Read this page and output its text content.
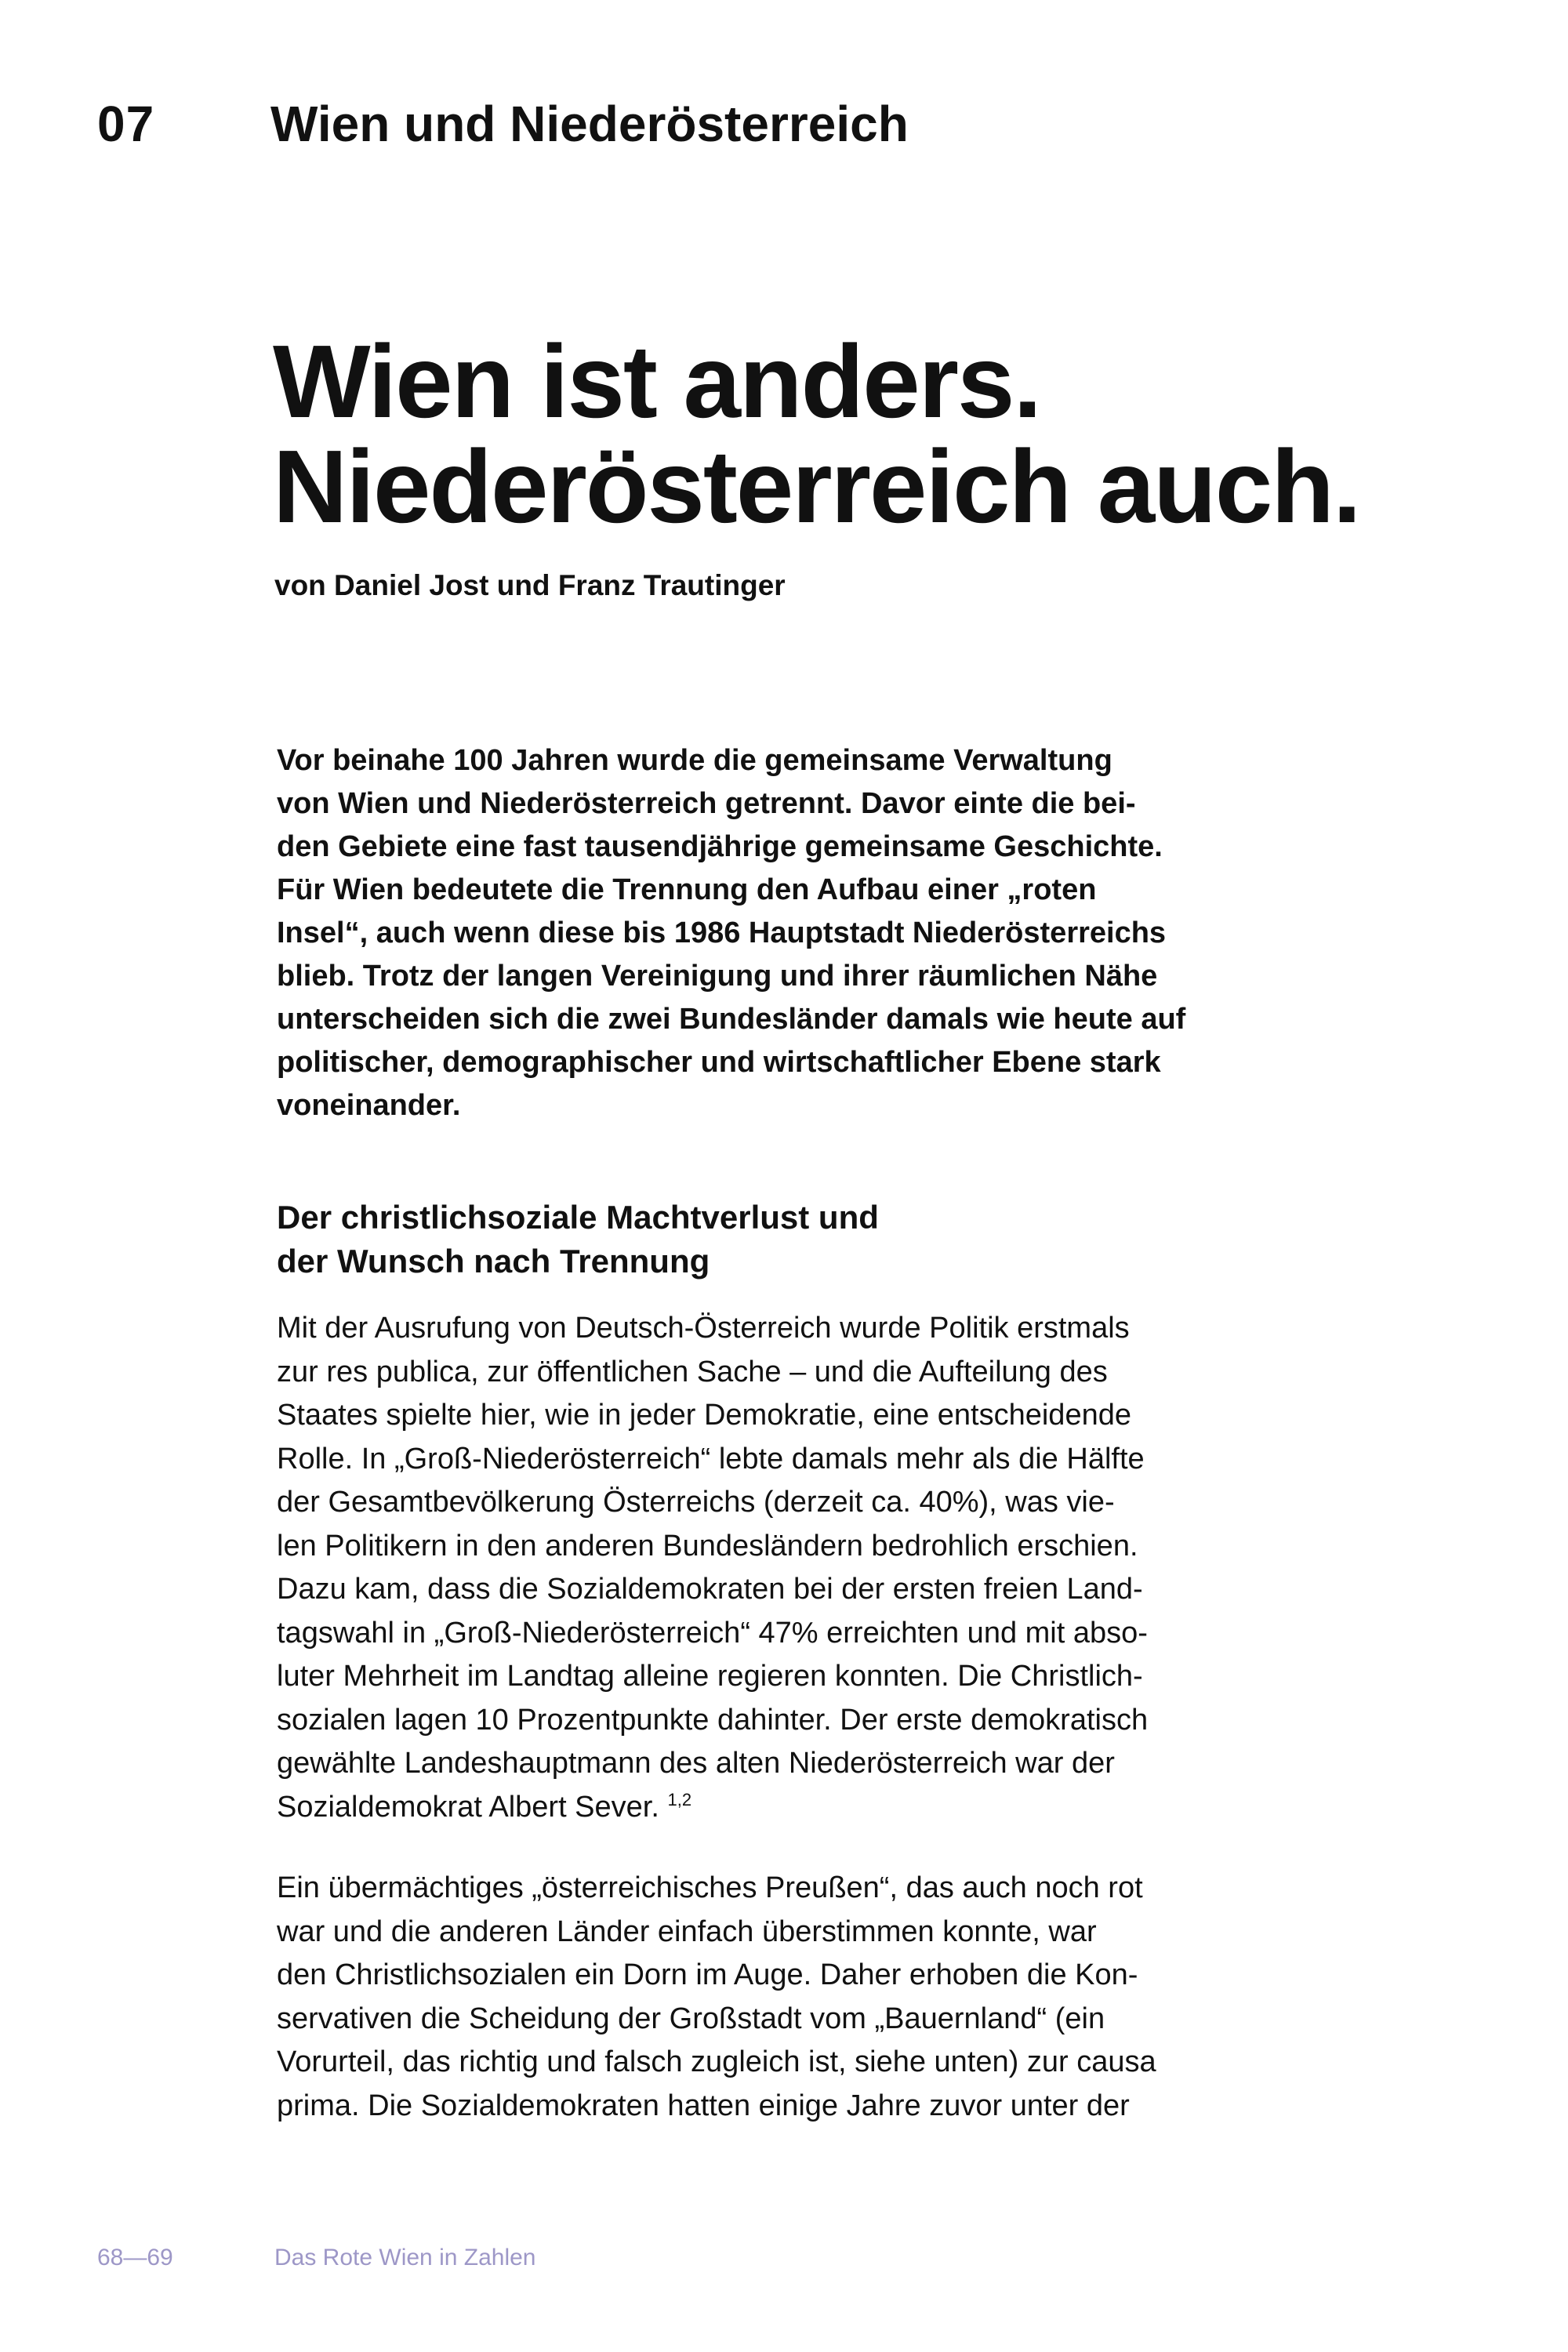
07 Wien und Niederösterreich
Wien ist anders.
Niederösterreich auch.
von Daniel Jost und Franz Trautinger

Vor beinahe 100 Jahren wurde die gemeinsame Verwaltung
von Wien und Niederösterreich getrennt. Davor einte die bei-
den Gebiete eine fast tausendjährige gemeinsame Geschichte.
Für Wien bedeutete die Trennung den Aufbau einer „roten
Insel“, auch wenn diese bis 1986 Hauptstadt Niederösterreichs
blieb. Trotz der langen Vereinigung und ihrer räumlichen Nähe
unterscheiden sich die zwei Bundesländer damals wie heute auf
politischer, demographischer und wirtschaftlicher Ebene stark
voneinander.

Der christlichsoziale Machtverlust und
der Wunsch nach Trennung

Mit der Ausrufung von Deutsch-Österreich wurde Politik erstmals
zur res publica, zur öffentlichen Sache – und die Aufteilung des
Staates spielte hier, wie in jeder Demokratie, eine entscheidende
Rolle. In „Groß-Niederösterreich“ lebte damals mehr als die Hälfte
der Gesamtbevölkerung Österreichs (derzeit ca. 40%), was vie-
len Politikern in den anderen Bundesländern bedrohlich erschien.
Dazu kam, dass die Sozialdemokraten bei der ersten freien Land-
tagswahl in „Groß-Niederösterreich“ 47% erreichten und mit abso-
luter Mehrheit im Landtag alleine regieren konnten. Die Christlich-
sozialen lagen 10 Prozentpunkte dahinter. Der erste demokratisch
gewählte Landeshauptmann des alten Niederösterreich war der
Sozialdemokrat Albert Sever. $^{1,2}$

Ein übermächtiges „österreichisches Preußen“, das auch noch rot
war und die anderen Länder einfach überstimmen konnte, war
den Christlichsozialen ein Dorn im Auge. Daher erhoben die Kon-
servativen die Scheidung der Großstadt vom „Bauernland“ (ein
Vorurteil, das richtig und falsch zugleich ist, siehe unten) zur causa
prima. Die Sozialdemokraten hatten einige Jahre zuvor unter der

68—69	Das Rote Wien in Zahlen
